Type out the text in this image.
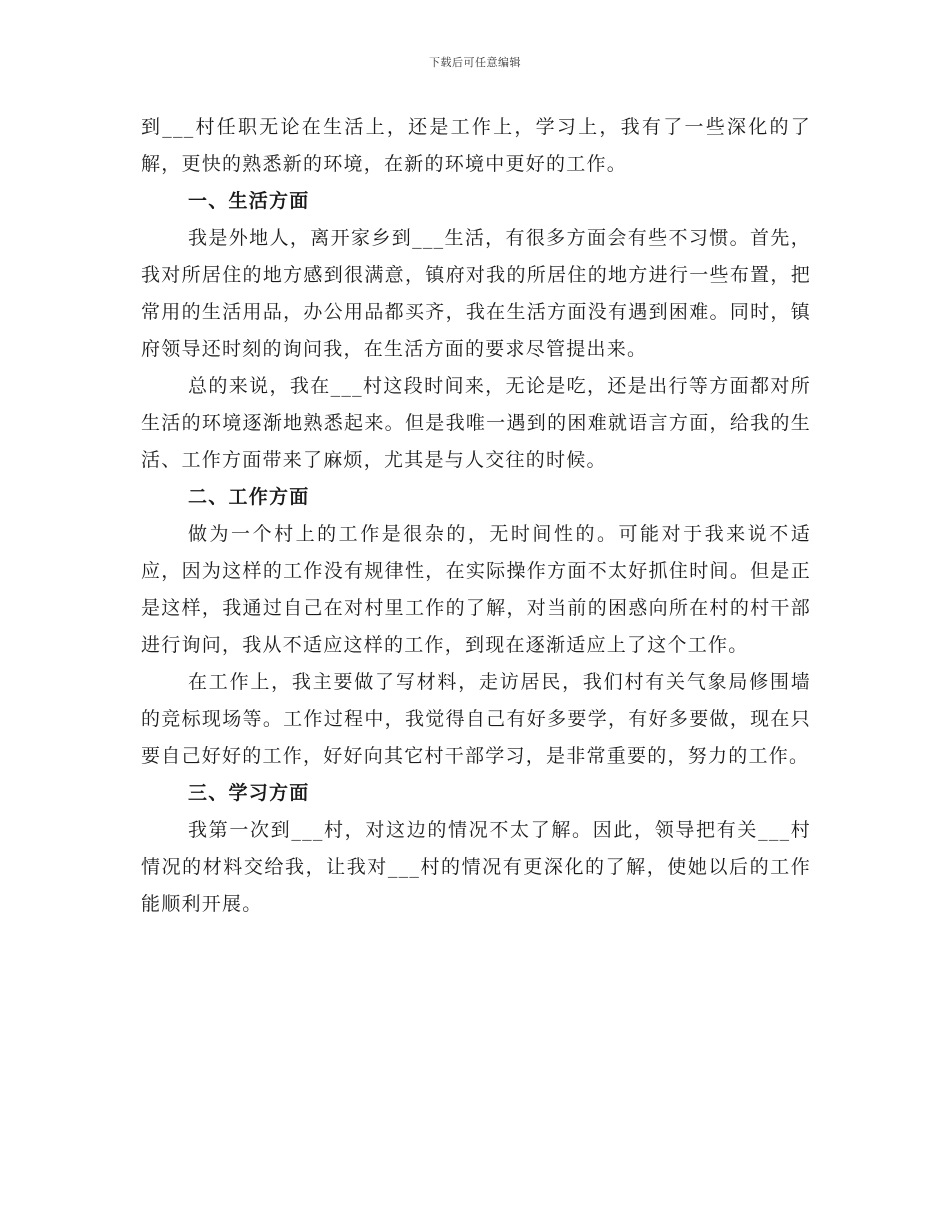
下载后可任意编辑

到___村任职无论在生活上，还是工作上，学习上，我有了一些深化的了解，更快的熟悉新的环境，在新的环境中更好的工作。

一、生活方面

我是外地人，离开家乡到___生活，有很多方面会有些不习惯。首先，我对所居住的地方感到很满意，镇府对我的所居住的地方进行一些布置，把常用的生活用品，办公用品都买齐，我在生活方面没有遇到困难。同时，镇府领导还时刻的询问我，在生活方面的要求尽管提出来。

总的来说，我在___村这段时间来，无论是吃，还是出行等方面都对所生活的环境逐渐地熟悉起来。但是我唯一遇到的困难就语言方面，给我的生活、工作方面带来了麻烦，尤其是与人交往的时候。

二、工作方面

做为一个村上的工作是很杂的，无时间性的。可能对于我来说不适应，因为这样的工作没有规律性，在实际操作方面不太好抓住时间。但是正是这样，我通过自己在对村里工作的了解，对当前的困惑向所在村的村干部进行询问，我从不适应这样的工作，到现在逐渐适应上了这个工作。

在工作上，我主要做了写材料，走访居民，我们村有关气象局修围墙的竞标现场等。工作过程中，我觉得自己有好多要学，有好多要做，现在只要自己好好的工作，好好向其它村干部学习，是非常重要的，努力的工作。

三、学习方面

我第一次到___村，对这边的情况不太了解。因此，领导把有关___村情况的材料交给我，让我对___村的情况有更深化的了解，使她以后的工作能顺利开展。
